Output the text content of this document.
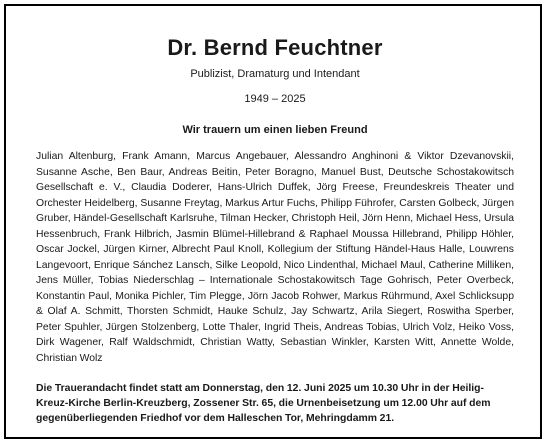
Dr. Bernd Feuchtner
Publizist, Dramaturg und Intendant
1949 – 2025
Wir trauern um einen lieben Freund
Julian Altenburg, Frank Amann, Marcus Angebauer, Alessandro Anghinoni & Viktor Dzevanovskii, Susanne Asche, Ben Baur, Andreas Beitin, Peter Boragno, Manuel Bust, Deutsche Schostakowitsch Gesellschaft e. V., Claudia Doderer, Hans-Ulrich Duffek, Jörg Freese, Freundeskreis Theater und Orchester Heidelberg, Susanne Freytag, Markus Artur Fuchs, Philipp Führofer, Carsten Golbeck, Jürgen Gruber, Händel-Gesellschaft Karlsruhe, Tilman Hecker, Christoph Heil, Jörn Henn, Michael Hess, Ursula Hessenbruch, Frank Hilbrich, Jasmin Blümel-Hillebrand & Raphael Moussa Hillebrand, Philipp Höhler, Oscar Jockel, Jürgen Kirner, Albrecht Paul Knoll, Kollegium der Stiftung Händel-Haus Halle, Louwrens Langevoort, Enrique Sánchez Lansch, Silke Leopold, Nico Lindenthal, Michael Maul, Catherine Milliken, Jens Müller, Tobias Niederschlag – Internationale Schostakowitsch Tage Gohrisch, Peter Overbeck, Konstantin Paul, Monika Pichler, Tim Plegge, Jörn Jacob Rohwer, Markus Rührmund, Axel Schlicksupp & Olaf A. Schmitt, Thorsten Schmidt, Hauke Schulz, Jay Schwartz, Arila Siegert, Roswitha Sperber, Peter Spuhler, Jürgen Stolzenberg, Lotte Thaler, Ingrid Theis, Andreas Tobias, Ulrich Volz, Heiko Voss, Dirk Wagener, Ralf Waldschmidt, Christian Watty, Sebastian Winkler, Karsten Witt, Annette Wolde, Christian Wolz
Die Trauerandacht findet statt am Donnerstag, den 12. Juni 2025 um 10.30 Uhr in der Heilig-Kreuz-Kirche Berlin-Kreuzberg, Zossener Str. 65, die Urnenbeisetzung um 12.00 Uhr auf dem gegenüberliegenden Friedhof vor dem Halleschen Tor, Mehringdamm 21.
